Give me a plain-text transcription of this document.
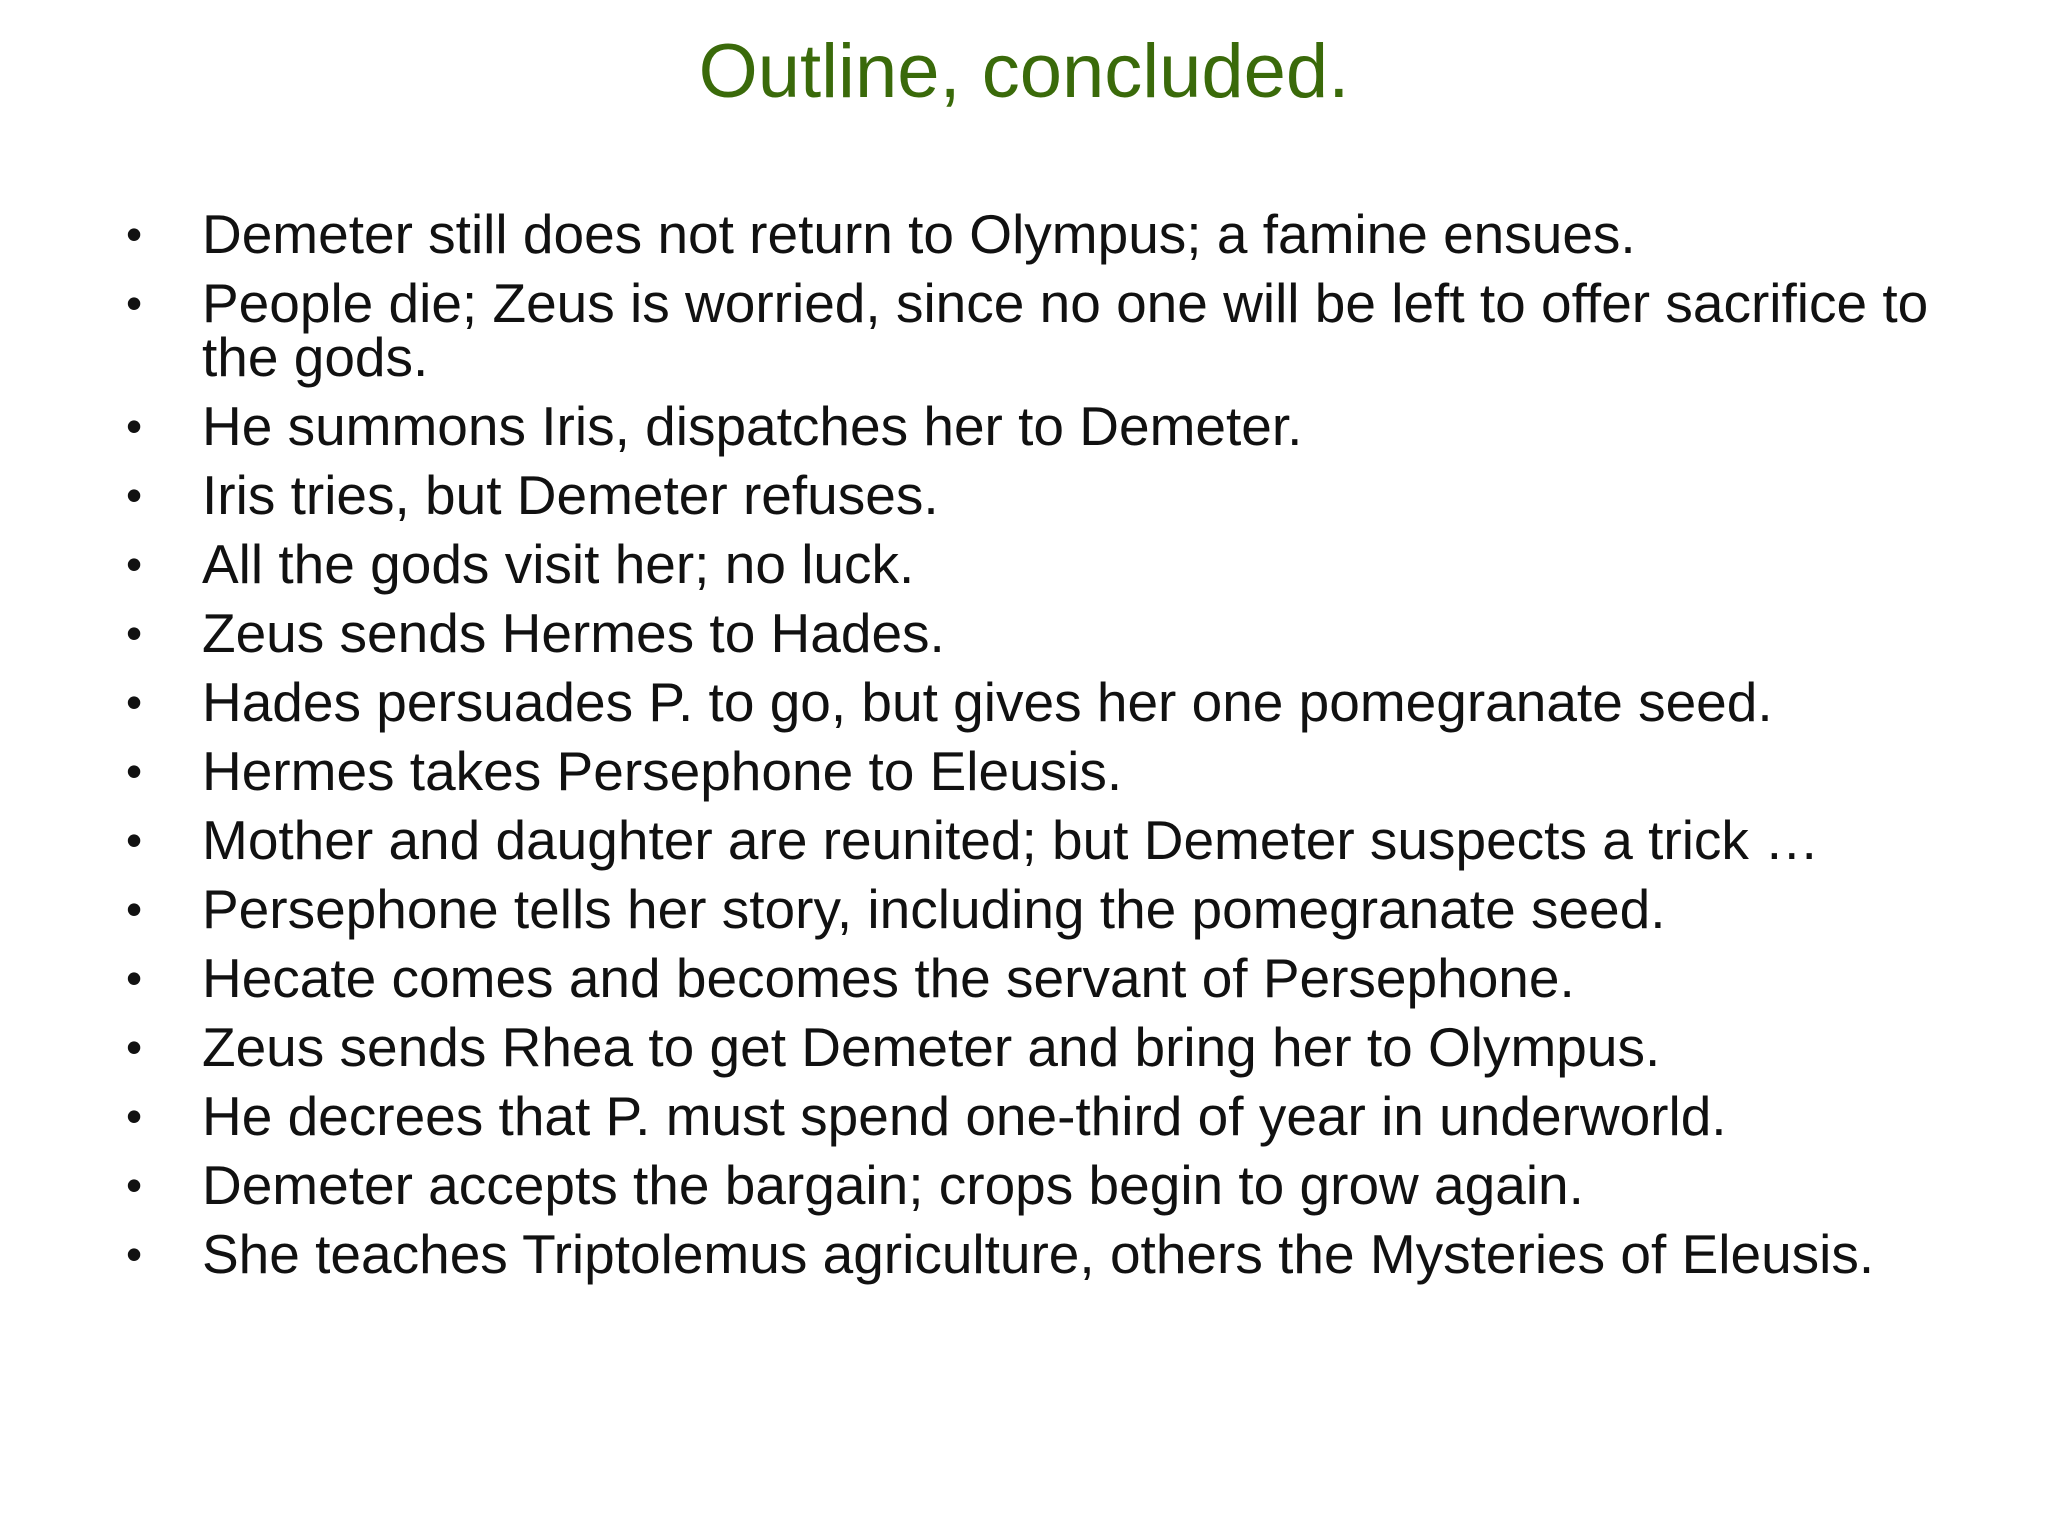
Outline, concluded.
•	Demeter still does not return to Olympus; a famine ensues.
•	People die; Zeus is worried, since no one will be left to offer sacrifice to the gods.
•	He summons Iris, dispatches her to Demeter.
•	Iris tries, but Demeter refuses.
•	All the gods visit her; no luck.
•	Zeus sends Hermes to Hades.
•	Hades persuades P. to go, but gives her one pomegranate seed.
•	Hermes takes Persephone to Eleusis.
•	Mother and daughter are reunited; but Demeter suspects a trick …
•	Persephone tells her story, including the pomegranate seed.
•	Hecate comes and becomes the servant of Persephone.
•	Zeus sends Rhea to get Demeter and bring her to Olympus.
•	He decrees that P. must spend one-third of year in underworld.
•	Demeter accepts the bargain; crops begin to grow again.
•	She teaches Triptolemus agriculture, others the Mysteries of Eleusis.
